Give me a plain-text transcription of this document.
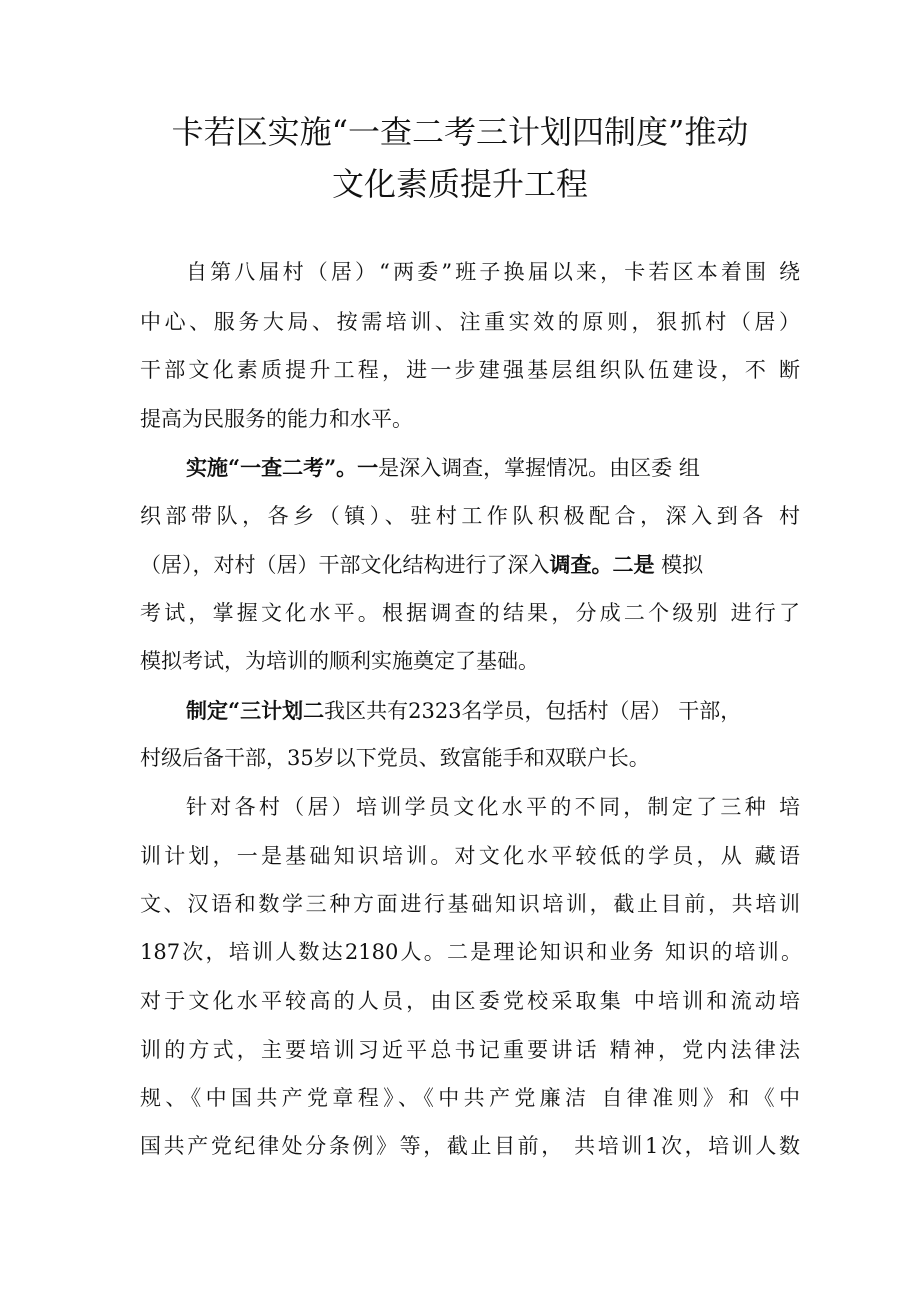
卡若区实施“一查二考三计划四制度”推动
文化素质提升工程
自第八届村（居）“两委”班子换届以来，卡若区本着围 绕
中心、服务大局、按需培训、注重实效的原则，狠抓村（居）
干部文化素质提升工程，进一步建强基层组织队伍建设，不 断
提高为民服务的能力和水平。
实施“一查二考”。一是深入调查，掌握情况。由区委 组
织部带队，各乡（镇）、驻村工作队积极配合，深入到各 村
（居），对村（居）干部文化结构进行了深入调查。二是 模拟
考试，掌握文化水平。根据调查的结果，分成二个级别 进行了
模拟考试，为培训的顺利实施奠定了基础。
制定“三计划二我区共有2323名学员，包括村（居） 干部，
村级后备干部，35岁以下党员、致富能手和双联户长。
针对各村（居）培训学员文化水平的不同，制定了三种 培
训计划，一是基础知识培训。对文化水平较低的学员，从 藏语
文、汉语和数学三种方面进行基础知识培训，截止目前，共培训
187次，培训人数达2180人。二是理论知识和业务 知识的培训。
对于文化水平较高的人员，由区委党校采取集 中培训和流动培
训的方式，主要培训习近平总书记重要讲话 精神，党内法律法
规、《中国共产党章程》、《中共产党廉洁 自律准则》和《中
国共产党纪律处分条例》等，截止目前， 共培训1次，培训人数
